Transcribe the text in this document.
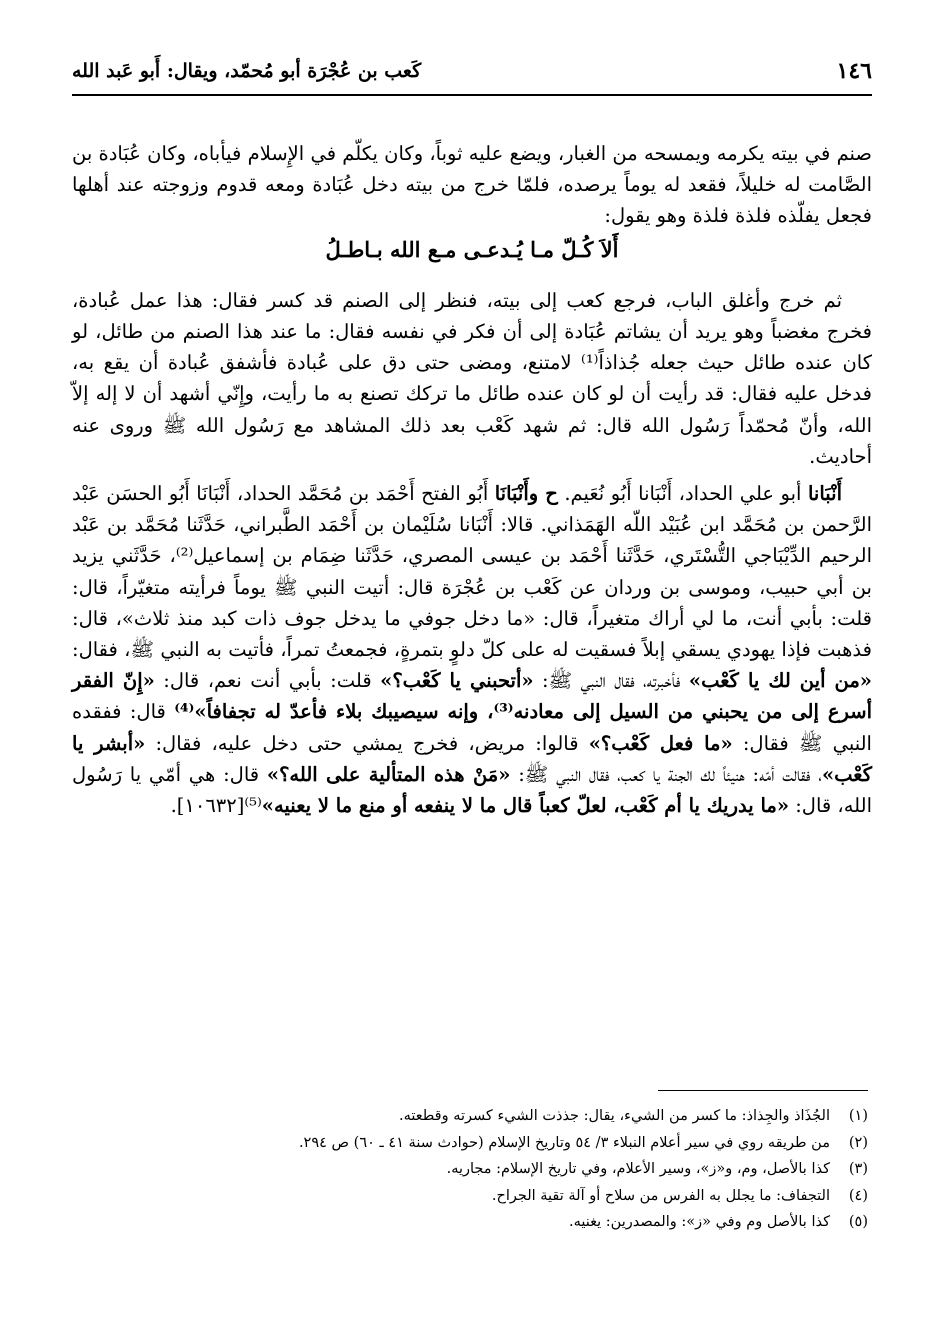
١٤٦
كَعب بن عُجْرَة أبو مُحمّد، ويقال: أَبو عَبد الله

صنم في بيته يكرمه ويمسحه من الغبار، ويضع عليه ثوباً، وكان يكلّم في الإِسلام فيأباه، وكان عُبَادة بن الصَّامت له خليلاً، فقعد له يوماً يرصده، فلمّا خرج من بيته دخل عُبَادة ومعه قدوم وزوجته عند أهلها فجعل يفلّذه فلذة فلذة وهو يقول:

أَلاَ كُـلّ مـا يُـدعـى مـع الله بـاطـلُ

ثم خرج وأغلق الباب، فرجع كعب إلى بيته، فنظر إلى الصنم قد كسر فقال: هذا عمل عُبادة، فخرج مغضباً وهو يريد أن يشاتم عُبَادة إلى أن فكر في نفسه فقال: ما عند هذا الصنم من طائل، لو كان عنده طائل حيث جعله جُذاذاً⁽¹⁾ لامتنع، ومضى حتى دق على عُبادة فأشفق عُبادة أن يقع به، فدخل عليه فقال: قد رأيت أن لو كان عنده طائل ما تركك تصنع به ما رأيت، وإِنّي أشهد أن لا إله إلاّ الله، وأنّ مُحمّداً رَسُول الله قال: ثم شهد كَعْب بعد ذلك المشاهد مع رَسُول الله ﷺ وروى عنه أحاديث.

أَنْبَانا أبو علي الحداد، أَنْبَانا أَبُو نُعَيم. ح وأَنْبَانَا أَبُو الفتح أَحْمَد بن مُحَمَّد الحداد، أَنْبَانَا أَبُو الحسَن عَبْد الرَّحمن بن مُحَمَّد ابن عُبَيْد اللّه الهَمَذاني. قالا: أَنْبَانا سُلَيْمان بن أَحْمَد الطَّبراني، حَدَّثَنا مُحَمَّد بن عَبْد الرحيم الدِّيْبَاجي التُّسْتَري، حَدَّثَنا أَحْمَد بن عيسى المصري، حَدَّثَنا ضِمَام بن إسماعيل⁽²⁾، حَدَّثَني يزيد بن أبي حبيب، وموسى بن وردان عن كَعْب بن عُجْرَة قال: أتيت النبي ﷺ يوماً فرأيته متغيّراً، قال: قلت: بأبي أنت، ما لي أراك متغيراً، قال: «ما دخل جوفي ما يدخل جوف ذات كبد منذ ثلاث»، قال: فذهبت فإذا يهودي يسقي إبلاً فسقيت له على كلّ دلوٍ بتمرةٍ، فجمعتُ تمراً، فأتيت به النبي ﷺ، فقال: «من أين لك يا كَعْب» فأخبرته، فقال النبي ﷺ: «أتحبني يا كَعْب؟» قلت: بأبي أنت نعم، قال: «إِنّ الفقر أسرع إلى من يحبني من السيل إلى معادنه⁽³⁾، وإنه سيصيبك بلاء فأعدّ له تجفافاً»⁽⁴⁾ قال: ففقده النبي ﷺ فقال: «ما فعل كَعْب؟» قالوا: مريض، فخرج يمشي حتى دخل عليه، فقال: «أبشر يا كَعْب»، فقالت أمّه: هنيئاً لك الجنة يا كعب، فقال النبي ﷺ: «مَنْ هذه المتألية على الله؟» قال: هي أمّي يا رَسُول الله، قال: «ما يدريك يا أم كَعْب، لعلّ كعباً قال ما لا ينفعه أو منع ما لا يعنيه»⁽⁵⁾[١٠٦٣٢].

(١)
الجُذَاذ والجِذاذ: ما كسر من الشيء، يقال: جذذت الشيء كسرته وقطعته.
(٢)
من طريقه روي في سير أعلام النبلاء ٣/ ٥٤ وتاريخ الإسلام (حوادث سنة ٤١ ـ ٦٠) ص ٢٩٤.
(٣)
كذا بالأصل، وم، و«ز»، وسير الأعلام، وفي تاريخ الإسلام: مجاريه.
(٤)
التجفاف: ما يجلل به الفرس من سلاح أو آلة تقية الجراح.
(٥)
كذا بالأصل وم وفي «ز»: والمصدرين: يغنيه.
